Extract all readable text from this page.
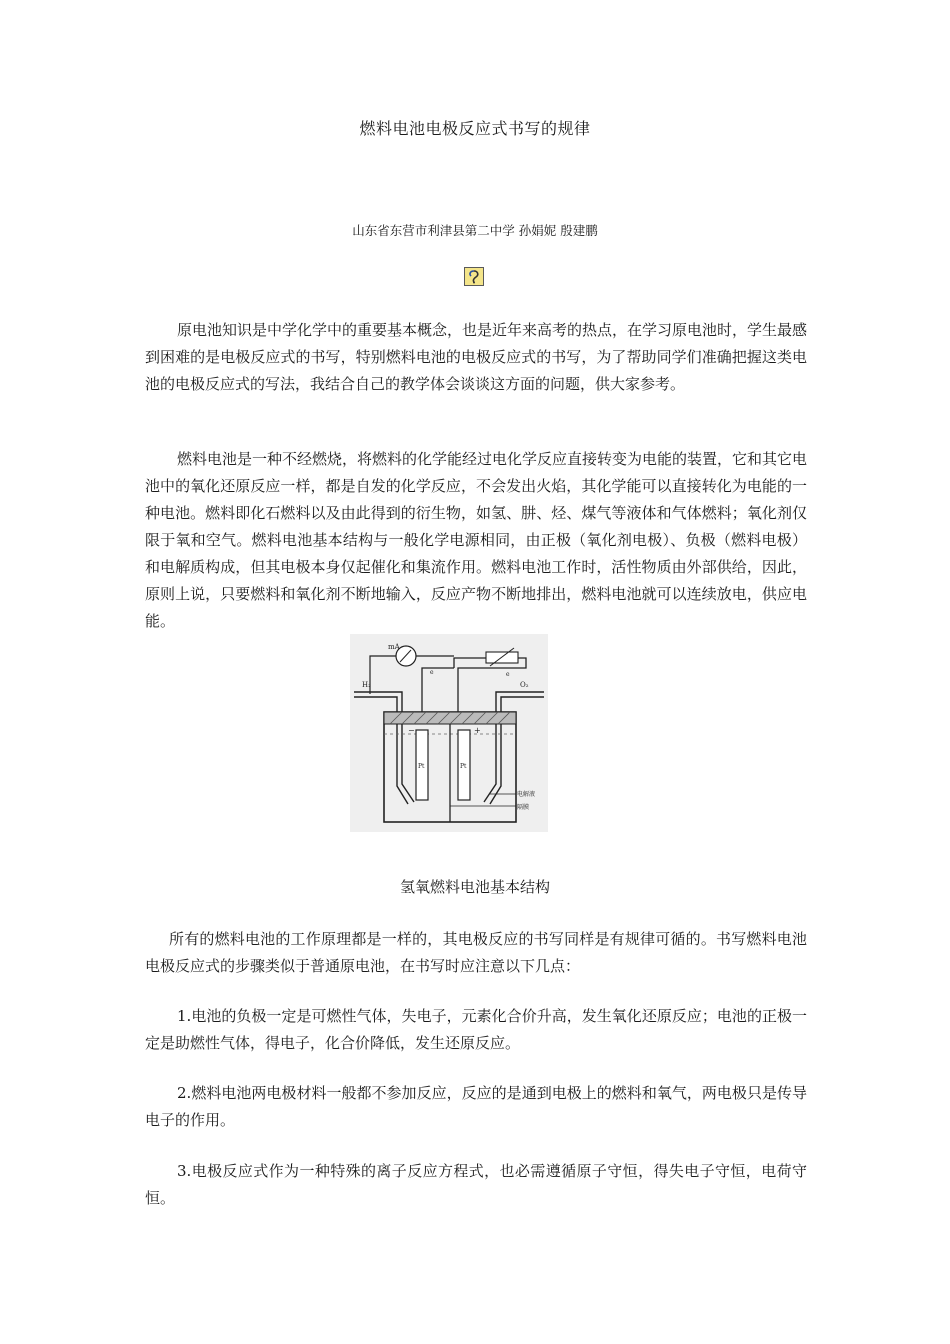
燃料电池电极反应式书写的规律
山东省东营市利津县第二中学 孙娟妮 殷建鹏

原电池知识是中学化学中的重要基本概念，也是近年来高考的热点，在学习原电池时，学生最感到困难的是电极反应式的书写，特别燃料电池的电极反应式的书写，为了帮助同学们准确把握这类电池的电极反应式的写法，我结合自己的教学体会谈谈这方面的问题，供大家参考。

燃料电池是一种不经燃烧，将燃料的化学能经过电化学反应直接转变为电能的装置，它和其它电池中的氧化还原反应一样，都是自发的化学反应，不会发出火焰，其化学能可以直接转化为电能的一种电池。燃料即化石燃料以及由此得到的衍生物，如氢、肼、烃、煤气等液体和气体燃料；氧化剂仅限于氧和空气。燃料电池基本结构与一般化学电源相同，由正极（氧化剂电极）、负极（燃料电极）和电解质构成，但其电极本身仅起催化和集流作用。燃料电池工作时，活性物质由外部供给，因此，原则上说，只要燃料和氧化剂不断地输入，反应产物不断地排出，燃料电池就可以连续放电，供应电能。

mA
e	e
H₂	O₂
Pt	Pt
−	+
电解液
隔膜
氢氧燃料电池基本结构

所有的燃料电池的工作原理都是一样的，其电极反应的书写同样是有规律可循的。书写燃料电池电极反应式的步骤类似于普通原电池，在书写时应注意以下几点：

1.电池的负极一定是可燃性气体，失电子，元素化合价升高，发生氧化还原反应；电池的正极一定是助燃性气体，得电子，化合价降低，发生还原反应。

2.燃料电池两电极材料一般都不参加反应，反应的是通到电极上的燃料和氧气，两电极只是传导电子的作用。

3.电极反应式作为一种特殊的离子反应方程式，也必需遵循原子守恒，得失电子守恒，电荷守恒。
